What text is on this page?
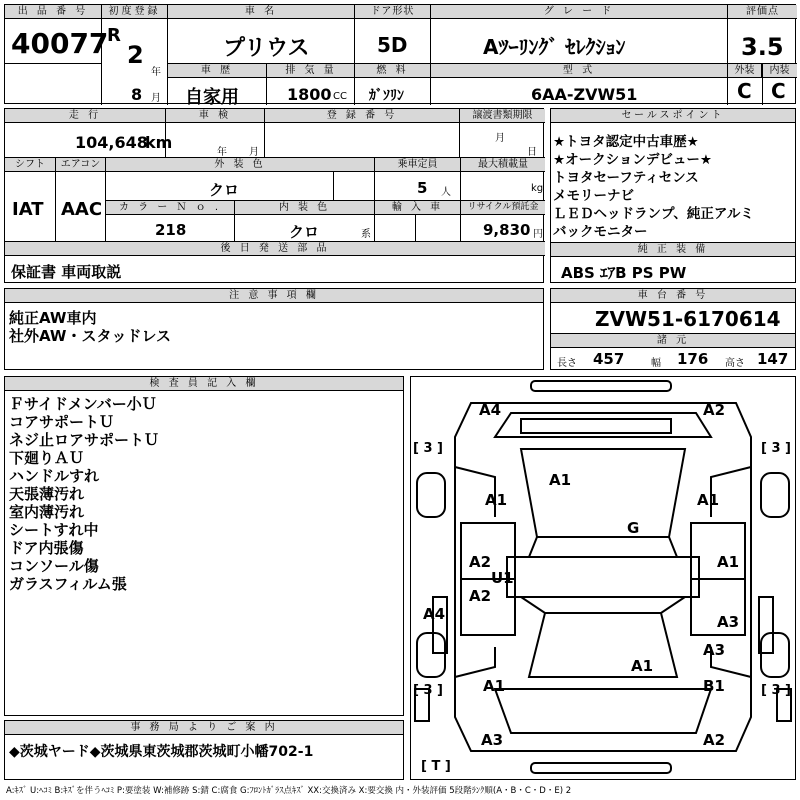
出 品 番 号
40077
初度登録
R
2
年
8 月
車 名
プリウス
ドア形状
5D
グ レ ー ド
Aﾂｰﾘﾝｸﾞ ｾﾚｸｼｮﾝ
評価点
3.5
外装	内装
C C
車 歴
自家用
排 気 量
1800 CC
燃 料
ｶﾞｿﾘﾝ
型 式
6AA-ZVW51
走 行
104,648
km
車 検
年 月
登 録 番 号	譲渡書類期限
月
日
シフト
IAT
エアコン
AAC
外 装 色
クロ
乗車定員
5 人
最大積載量
kg
カ ラ ー Ｎ ｏ .
218
内 装 色
クロ	系
輸 入 車	リサイクル預託金
9,830 円
後 日 発 送 部 品
保証書 車両取説
セールスポイント
★トヨタ認定中古車歴★
★オークションデビュー★
トヨタセーフティセンス
メモリーナビ
ＬＥＤヘッドランプ、純正アルミ
バックモニター
純 正 装 備
ABS ｴｱB PS PW
注 意 事 項 欄
純正AW車内
社外AW・スタッドレス
車 台 番 号
ZVW51-6170614
諸 元
長さ 457	幅 176 高さ 147
検 査 員 記 入 欄
Ｆサイドメンバー小Ｕ
コアサポートＵ
ネジ止ロアサポートＵ
下廻りＡＵ
ハンドルすれ
天張薄汚れ
室内薄汚れ
シートすれ中
ドア内張傷
コンソール傷
ガラスフィルム張
事 務 局 よ り ご 案 内
◆茨城ヤード◆茨城県東茨城郡茨城町小幡702-1
A4	A2
A1
A1	A1
G
A2
U1
A1
A2
A4	A3
A3
A1
A1	B1
A3	A2
[ 3 ]	[ 3 ]
[ 3 ]	[ 3 ]
[ T ]
A:ｷｽﾞ U:ﾍｺﾐ B:ｷｽﾞを伴うﾍｺﾐ P:要塗装 W:補修跡 S:錆 C:腐食 G:ﾌﾛﾝﾄｶﾞﾗｽ点ｷｽﾞ XX:交換済み X:要交換 内・外装評価 5段階ﾗﾝｸ順(A・B・C・D・E) 2
